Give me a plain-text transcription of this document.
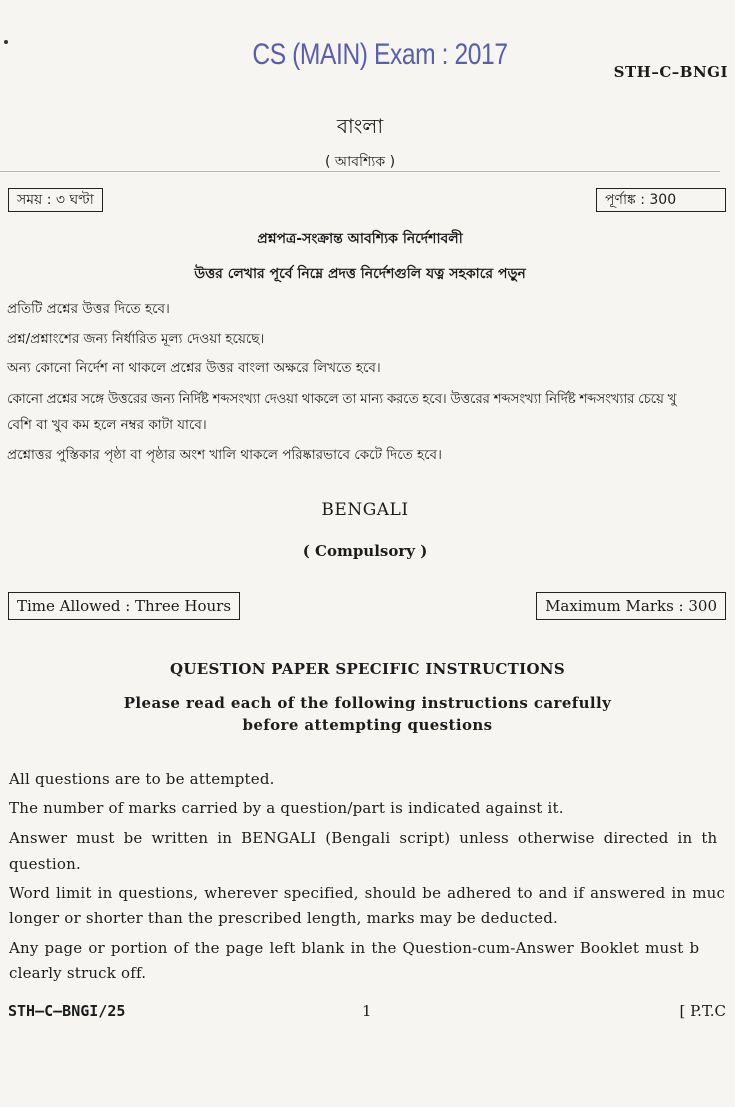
CS (MAIN) Exam : 2017
STH–C–BNGI
বাংলা
( আবশ্যিক )
সময় : ৩ ঘণ্টা	পূর্ণাঙ্ক : 300
প্রশ্নপত্র-সংক্রান্ত আবশ্যিক নির্দেশাবলী
উত্তর লেখার পূর্বে নিম্নে প্রদত্ত নির্দেশগুলি যত্ন সহকারে পড়ুন
প্রতিটি প্রশ্নের উত্তর দিতে হবে।
প্রশ্ন/প্রশ্নাংশের জন্য নির্ধারিত মূল্য দেওয়া হয়েছে।
অন্য কোনো নির্দেশ না থাকলে প্রশ্নের উত্তর বাংলা অক্ষরে লিখতে হবে।
কোনো প্রশ্নের সঙ্গে উত্তরের জন্য নির্দিষ্ট শব্দসংখ্যা দেওয়া থাকলে তা মান্য করতে হবে। উত্তরের শব্দসংখ্যা নির্দিষ্ট শব্দসংখ্যার চেয়ে খু
বেশি বা খুব কম হলে নম্বর কাটা যাবে।
প্রশ্নোত্তর পুস্তিকার পৃষ্ঠা বা পৃষ্ঠার অংশ খালি থাকলে পরিষ্কারভাবে কেটে দিতে হবে।
BENGALI
( Compulsory )
Time Allowed : Three Hours	Maximum Marks : 300
QUESTION PAPER SPECIFIC INSTRUCTIONS
Please read each of the following instructions carefully
before attempting questions
All questions are to be attempted.
The number of marks carried by a question/part is indicated against it.
Answer must be written in BENGALI (Bengali script) unless otherwise directed in th
question.
Word limit in questions, wherever specified, should be adhered to and if answered in muc
longer or shorter than the prescribed length, marks may be deducted.
Any page or portion of the page left blank in the Question-cum-Answer Booklet must b
clearly struck off.
STH–C–BNGI/25	1	[ P.T.C
